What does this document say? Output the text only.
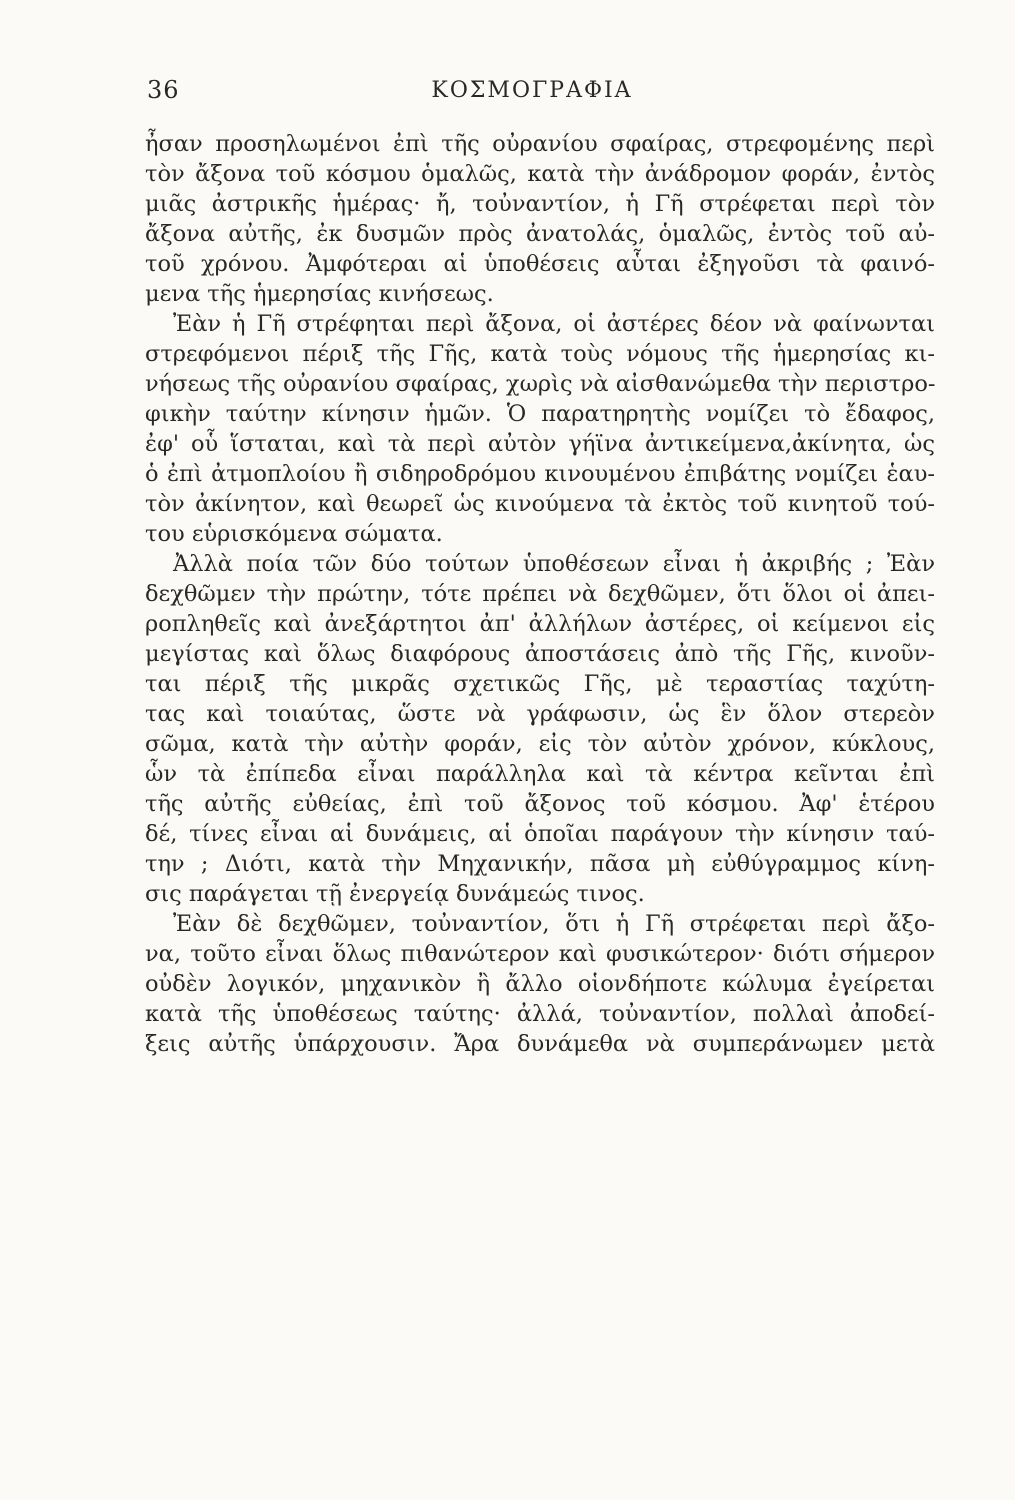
36	ΚΟΣΜΟΓΡΑΦΙΑ
ἦσαν προσηλωμένοι ἐπὶ τῆς οὐρανίου σφαίρας, στρεφομένης περὶ
τὸν ἄξονα τοῦ κόσμου ὁμαλῶς, κατὰ τὴν ἀνάδρομον φοράν, ἐντὸς
μιᾶς ἀστρικῆς ἡμέρας· ἤ, τοὐναντίον, ἡ Γῆ στρέφεται περὶ τὸν
ἄξονα αὐτῆς, ἐκ δυσμῶν πρὸς ἀνατολάς, ὁμαλῶς, ἐντὸς τοῦ αὐ-
τοῦ χρόνου. Ἀμφότεραι αἱ ὑποθέσεις αὗται ἐξηγοῦσι τὰ φαινό-
μενα τῆς ἡμερησίας κινήσεως.
Ἐὰν ἡ Γῆ στρέφηται περὶ ἄξονα, οἱ ἀστέρες δέον νὰ φαίνωνται
στρεφόμενοι πέριξ τῆς Γῆς, κατὰ τοὺς νόμους τῆς ἡμερησίας κι-
νήσεως τῆς οὐρανίου σφαίρας, χωρὶς νὰ αἰσθανώμεθα τὴν περιστρο-
φικὴν ταύτην κίνησιν ἡμῶν. Ὁ παρατηρητὴς νομίζει τὸ ἔδαφος,
ἐφ' οὗ ἵσταται, καὶ τὰ περὶ αὐτὸν γήϊνα ἀντικείμενα,ἀκίνητα, ὡς
ὁ ἐπὶ ἀτμοπλοίου ἢ σιδηροδρόμου κινουμένου ἐπιβάτης νομίζει ἑαυ-
τὸν ἀκίνητον, καὶ θεωρεῖ ὡς κινούμενα τὰ ἐκτὸς τοῦ κινητοῦ τού-
του εὑρισκόμενα σώματα.
Ἀλλὰ ποία τῶν δύο τούτων ὑποθέσεων εἶναι ἡ ἀκριβής ; Ἐὰν
δεχθῶμεν τὴν πρώτην, τότε πρέπει νὰ δεχθῶμεν, ὅτι ὅλοι οἱ ἀπει-
ροπληθεῖς καὶ ἀνεξάρτητοι ἀπ' ἀλλήλων ἀστέρες, οἱ κείμενοι εἰς
μεγίστας καὶ ὅλως διαφόρους ἀποστάσεις ἀπὸ τῆς Γῆς, κινοῦν-
ται πέριξ τῆς μικρᾶς σχετικῶς Γῆς, μὲ τεραστίας ταχύτη-
τας καὶ τοιαύτας, ὥστε νὰ γράφωσιν, ὡς ἓν ὅλον στερεὸν
σῶμα, κατὰ τὴν αὐτὴν φοράν, εἰς τὸν αὐτὸν χρόνον, κύκλους,
ὧν τὰ ἐπίπεδα εἶναι παράλληλα καὶ τὰ κέντρα κεῖνται ἐπὶ
τῆς αὐτῆς εὐθείας, ἐπὶ τοῦ ἄξονος τοῦ κόσμου. Ἀφ' ἑτέρου
δέ, τίνες εἶναι αἱ δυνάμεις, αἱ ὁποῖαι παράγουν τὴν κίνησιν ταύ-
την ; Διότι, κατὰ τὴν Μηχανικήν, πᾶσα μὴ εὐθύγραμμος κίνη-
σις παράγεται τῇ ἐνεργείᾳ δυνάμεώς τινος.
Ἐὰν δὲ δεχθῶμεν, τοὐναντίον, ὅτι ἡ Γῆ στρέφεται περὶ ἄξο-
να, τοῦτο εἶναι ὅλως πιθανώτερον καὶ φυσικώτερον· διότι σήμερον
οὐδὲν λογικόν, μηχανικὸν ἢ ἄλλο οἱονδήποτε κώλυμα ἐγείρεται
κατὰ τῆς ὑποθέσεως ταύτης· ἀλλά, τοὐναντίον, πολλαὶ ἀποδεί-
ξεις αὐτῆς ὑπάρχουσιν. Ἄρα δυνάμεθα νὰ συμπεράνωμεν μετὰ
